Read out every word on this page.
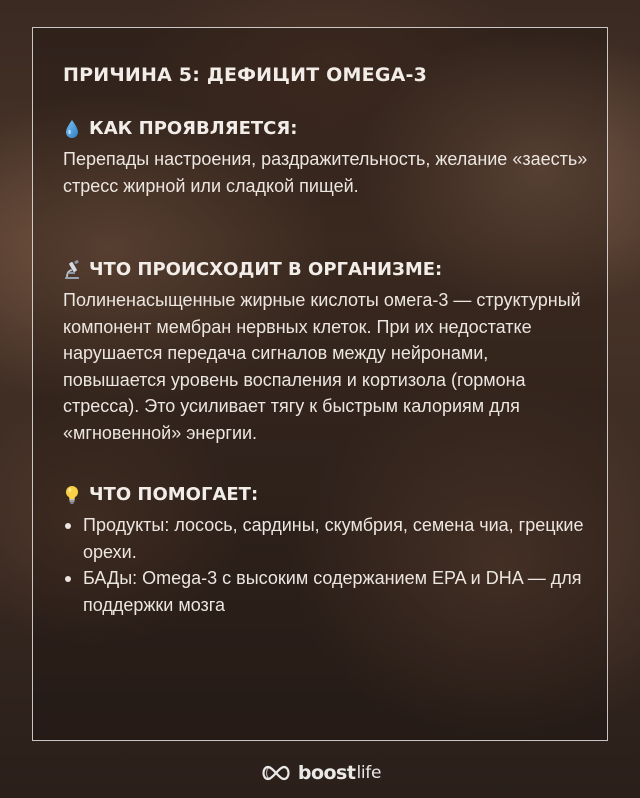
ПРИЧИНА 5: ДЕФИЦИТ OMEGA-3
КАК ПРОЯВЛЯЕТСЯ:

Перепады настроения, раздражительность, желание «заесть» стресс жирной или сладкой пищей.

ЧТО ПРОИСХОДИТ В ОРГАНИЗМЕ:

Полиненасыщенные жирные кислоты омега-3 — структурный компонент мембран нервных клеток. При их недостатке нарушается передача сигналов между нейронами, повышается уровень воспаления и кортизола (гормона стресса). Это усиливает тягу к быстрым калориям для «мгновенной» энергии.

ЧТО ПОМОГАЕТ:
Продукты: лосось, сардины, скумбрия, семена чиа, грецкие орехи.
БАДы: Omega-3 с высоким содержанием EPA и DHA — для поддержки мозга
boost life
